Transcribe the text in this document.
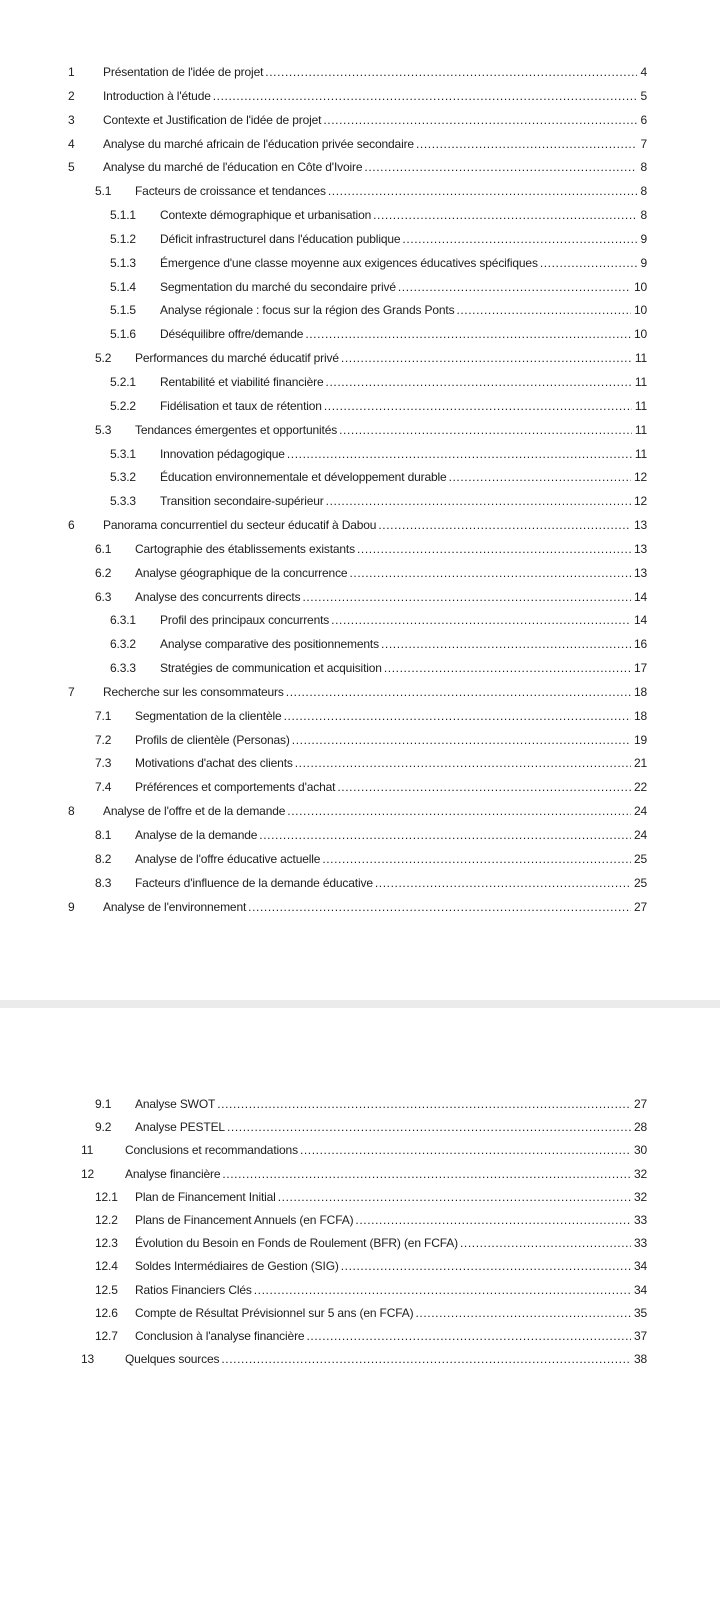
1	Présentation de l'idée de projet .....	4
2	Introduction à l'étude .....	5
3	Contexte et Justification de l'idée de projet .....	6
4	Analyse du marché africain de l'éducation privée secondaire .....	7
5	Analyse du marché de l'éducation en Côte d'Ivoire .....	8
5.1	Facteurs de croissance et tendances .....	8
5.1.1	Contexte démographique et urbanisation .....	8
5.1.2	Déficit infrastructurel dans l'éducation publique .....	9
5.1.3	Émergence d'une classe moyenne aux exigences éducatives spécifiques .....	9
5.1.4	Segmentation du marché du secondaire privé .....	10
5.1.5	Analyse régionale : focus sur la région des Grands Ponts .....	10
5.1.6	Déséquilibre offre/demande .....	10
5.2	Performances du marché éducatif privé .....	11
5.2.1	Rentabilité et viabilité financière .....	11
5.2.2	Fidélisation et taux de rétention .....	11
5.3	Tendances émergentes et opportunités .....	11
5.3.1	Innovation pédagogique .....	11
5.3.2	Éducation environnementale et développement durable .....	12
5.3.3	Transition secondaire-supérieur .....	12
6	Panorama concurrentiel du secteur éducatif à Dabou .....	13
6.1	Cartographie des établissements existants .....	13
6.2	Analyse géographique de la concurrence .....	13
6.3	Analyse des concurrents directs .....	14
6.3.1	Profil des principaux concurrents .....	14
6.3.2	Analyse comparative des positionnements .....	16
6.3.3	Stratégies de communication et acquisition .....	17
7	Recherche sur les consommateurs .....	18
7.1	Segmentation de la clientèle .....	18
7.2	Profils de clientèle (Personas) .....	19
7.3	Motivations d'achat des clients .....	21
7.4	Préférences et comportements d'achat .....	22
8	Analyse de l'offre et de la demande .....	24
8.1	Analyse de la demande .....	24
8.2	Analyse de l'offre éducative actuelle .....	25
8.3	Facteurs d'influence de la demande éducative .....	25
9	Analyse de l'environnement .....	27
9.1	Analyse SWOT .....	27
9.2	Analyse PESTEL .....	28
11	Conclusions et recommandations .....	30
12	Analyse financière .....	32
12.1	Plan de Financement Initial .....	32
12.2	Plans de Financement Annuels (en FCFA) .....	33
12.3	Évolution du Besoin en Fonds de Roulement (BFR) (en FCFA) .....	33
12.4	Soldes Intermédiaires de Gestion (SIG) .....	34
12.5	Ratios Financiers Clés .....	34
12.6	Compte de Résultat Prévisionnel sur 5 ans (en FCFA) .....	35
12.7	Conclusion à l'analyse financière .....	37
13	Quelques sources .....	38
